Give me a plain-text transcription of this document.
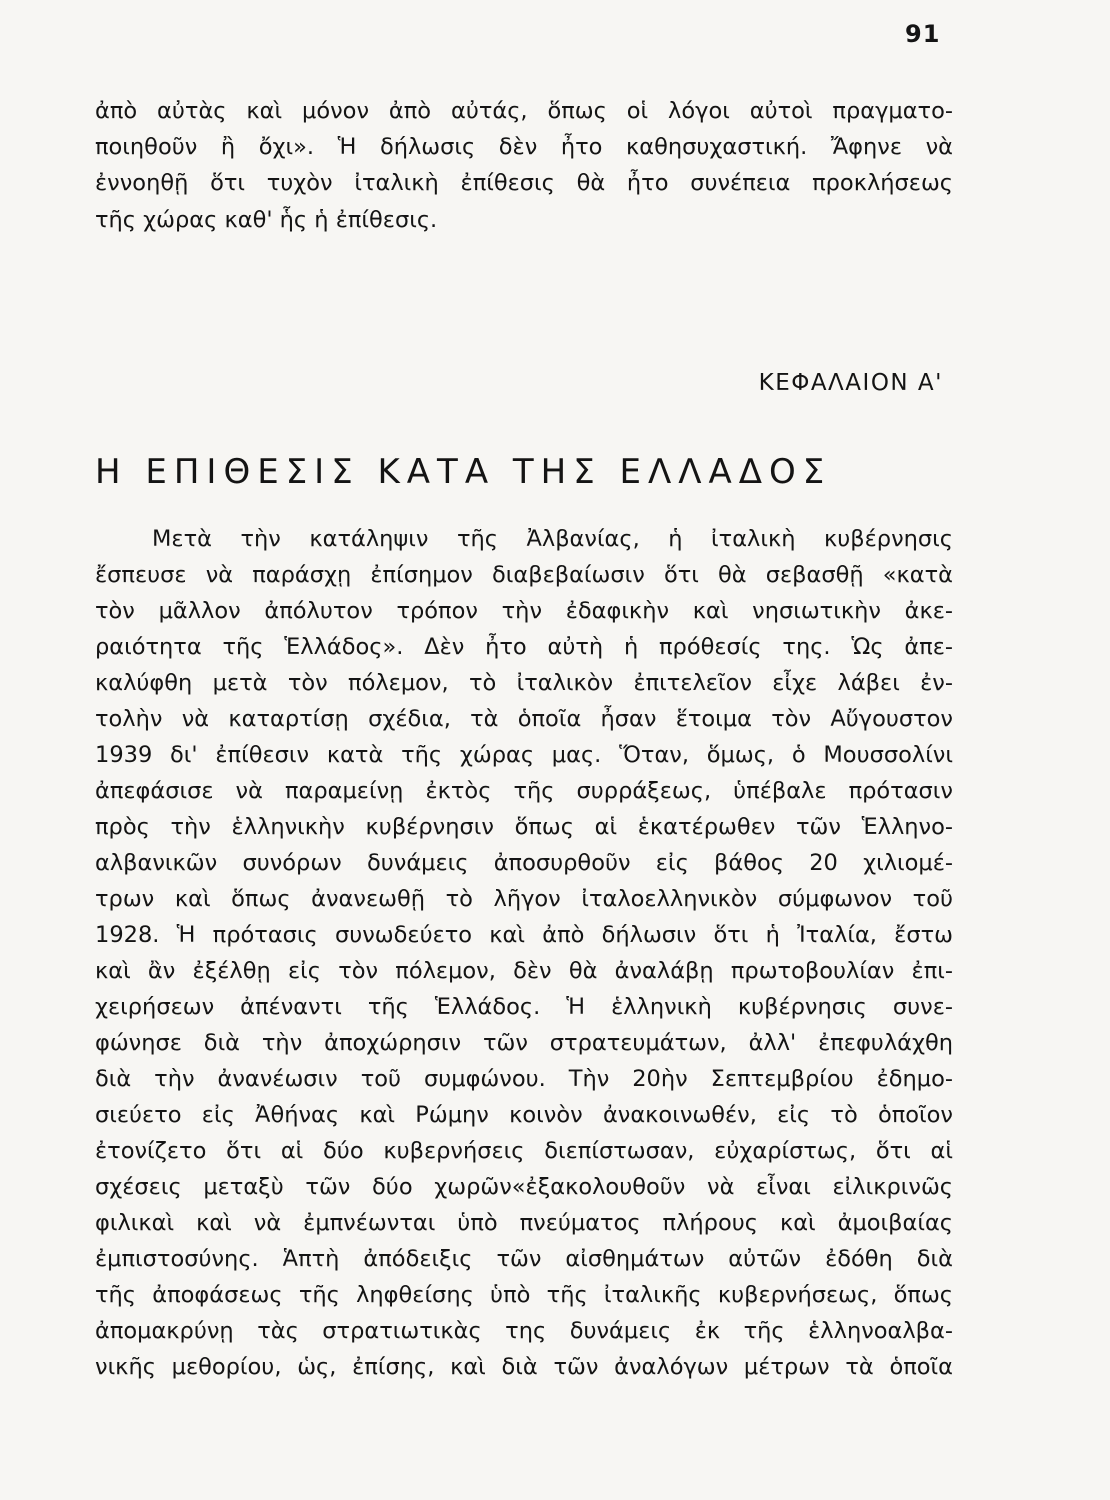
91
ἀπὸ αὐτὰς καὶ μόνον ἀπὸ αὐτάς, ὅπως οἱ λόγοι αὐτοὶ πραγματο-
ποιηθοῦν ἢ ὄχι». Ἡ δήλωσις δὲν ἦτο καθησυχαστική. Ἄφηνε νὰ
ἐννοηθῇ ὅτι τυχὸν ἰταλικὴ ἐπίθεσις θὰ ἦτο συνέπεια προκλήσεως
τῆς χώρας καθ' ἧς ἡ ἐπίθεσις.
ΚΕΦΑΛΑΙΟΝ Α'
Η ΕΠΙΘΕΣΙΣ ΚΑΤΑ ΤΗΣ ΕΛΛΑΔΟΣ
Μετὰ τὴν κατάληψιν τῆς Ἀλβανίας, ἡ ἰταλικὴ κυβέρνησις
ἔσπευσε νὰ παράσχῃ ἐπίσημον διαβεβαίωσιν ὅτι θὰ σεβασθῇ «κατὰ
τὸν μᾶλλον ἀπόλυτον τρόπον τὴν ἐδαφικὴν καὶ νησιωτικὴν ἀκε-
ραιότητα τῆς Ἑλλάδος». Δὲν ἦτο αὐτὴ ἡ πρόθεσίς της. Ὡς ἀπε-
καλύφθη μετὰ τὸν πόλεμον, τὸ ἰταλικὸν ἐπιτελεῖον εἶχε λάβει ἐν-
τολὴν νὰ καταρτίσῃ σχέδια, τὰ ὁποῖα ἦσαν ἕτοιμα τὸν Αὔγουστον
1939 δι' ἐπίθεσιν κατὰ τῆς χώρας μας. Ὅταν, ὅμως, ὁ Μουσσολίνι
ἀπεφάσισε νὰ παραμείνῃ ἐκτὸς τῆς συρράξεως, ὑπέβαλε πρότασιν
πρὸς τὴν ἑλληνικὴν κυβέρνησιν ὅπως αἱ ἑκατέρωθεν τῶν Ἑλληνο-
αλβανικῶν συνόρων δυνάμεις ἀποσυρθοῦν εἰς βάθος 20 χιλιομέ-
τρων καὶ ὅπως ἀνανεωθῇ τὸ λῆγον ἰταλοελληνικὸν σύμφωνον τοῦ
1928. Ἡ πρότασις συνωδεύετο καὶ ἀπὸ δήλωσιν ὅτι ἡ Ἰταλία, ἔστω
καὶ ἂν ἐξέλθῃ εἰς τὸν πόλεμον, δὲν θὰ ἀναλάβῃ πρωτοβουλίαν ἐπι-
χειρήσεων ἀπέναντι τῆς Ἑλλάδος. Ἡ ἑλληνικὴ κυβέρνησις συνε-
φώνησε διὰ τὴν ἀποχώρησιν τῶν στρατευμάτων, ἀλλ' ἐπεφυλάχθη
διὰ τὴν ἀνανέωσιν τοῦ συμφώνου. Τὴν 20ὴν Σεπτεμβρίου ἐδημο-
σιεύετο εἰς Ἀθήνας καὶ Ρώμην κοινὸν ἀνακοινωθέν, εἰς τὸ ὁποῖον
ἐτονίζετο ὅτι αἱ δύο κυβερνήσεις διεπίστωσαν, εὐχαρίστως, ὅτι αἱ
σχέσεις μεταξὺ τῶν δύο χωρῶν«ἐξακολουθοῦν νὰ εἶναι εἰλικρινῶς
φιλικαὶ καὶ νὰ ἐμπνέωνται ὑπὸ πνεύματος πλήρους καὶ ἀμοιβαίας
ἐμπιστοσύνης. Ἁπτὴ ἀπόδειξις τῶν αἰσθημάτων αὐτῶν ἐδόθη διὰ
τῆς ἀποφάσεως τῆς ληφθείσης ὑπὸ τῆς ἰταλικῆς κυβερνήσεως, ὅπως
ἀπομακρύνῃ τὰς στρατιωτικὰς της δυνάμεις ἐκ τῆς ἑλληνοαλβα-
νικῆς μεθορίου, ὡς, ἐπίσης, καὶ διὰ τῶν ἀναλόγων μέτρων τὰ ὁποῖα
